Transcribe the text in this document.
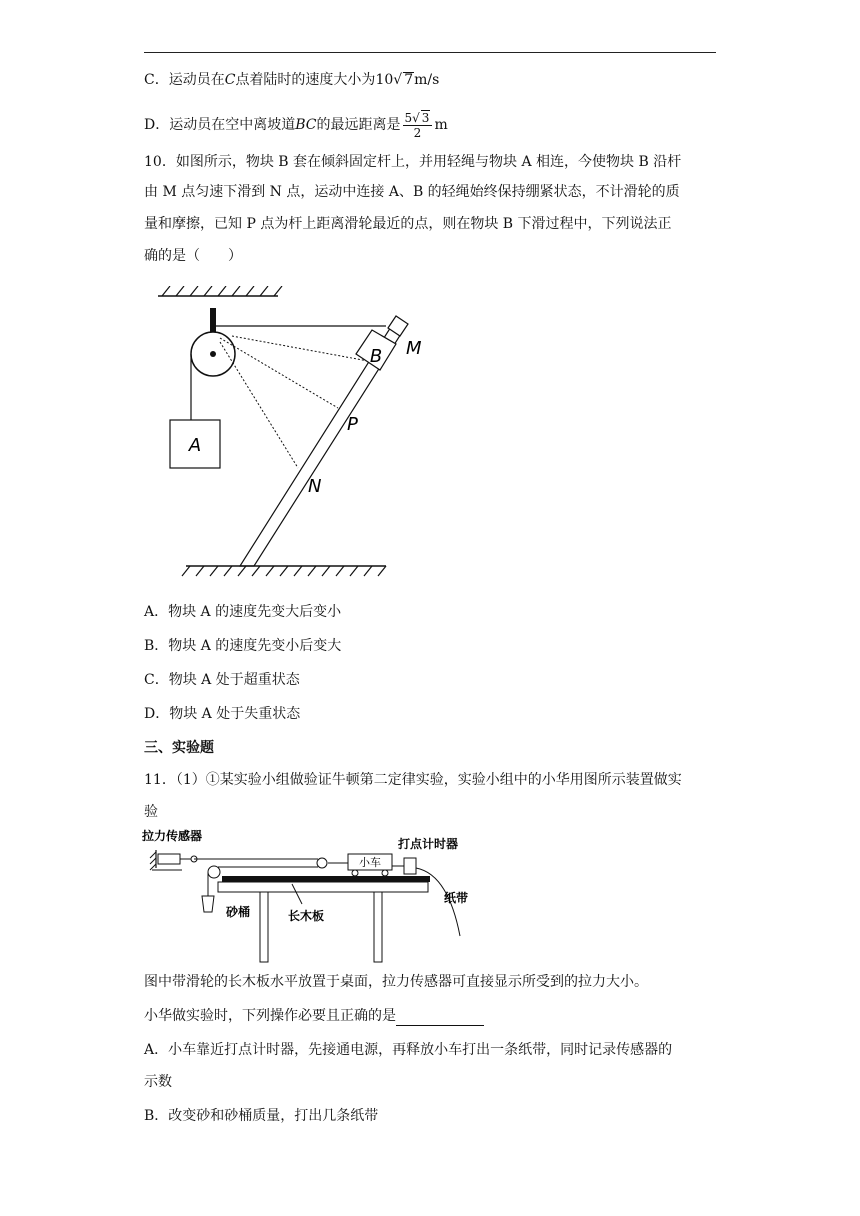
C．运动员在C点着陆时的速度大小为10√ 7m/s
D．运动员在空中离坡道BC的最远距离是 $\frac{5√ 3}{2}$ m
10．如图所示，物块 B 套在倾斜固定杆上，并用轻绳与物块 A 相连，今使物块 B 沿杆
由 M 点匀速下滑到 N 点，运动中连接 A、B 的轻绳始终保持绷紧状态，不计滑轮的质
量和摩擦，已知 P 点为杆上距离滑轮最近的点，则在物块 B 下滑过程中，下列说法正
确的是（　　）
A
B M
P
N
A．物块 A 的速度先变大后变小
B．物块 A 的速度先变小后变大
C．物块 A 处于超重状态
D．物块 A 处于失重状态
三、实验题
11．（1）①某实验小组做验证牛顿第二定律实验，实验小组中的小华用图所示装置做实
验
拉力传感器
小车
打点计时器
砂桶	长木板
纸带
图中带滑轮的长木板水平放置于桌面，拉力传感器可直接显示所受到的拉力大小。
小华做实验时，下列操作必要且正确的是
A．小车靠近打点计时器，先接通电源，再释放小车打出一条纸带，同时记录传感器的
示数
B．改变砂和砂桶质量，打出几条纸带
